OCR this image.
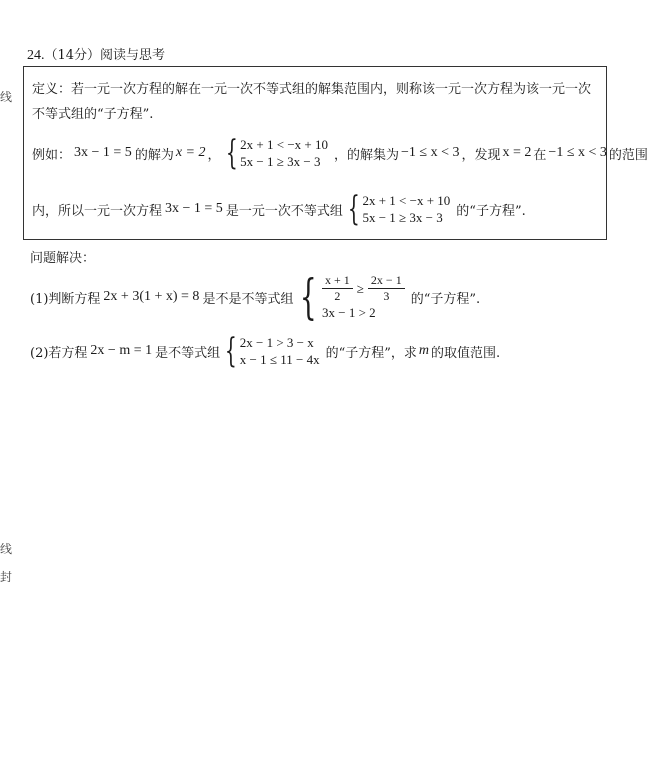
线
线
封
24.（14分）阅读与思考
定义：若一元一次方程的解在一元一次不等式组的解集范围内，则称该一元一次方程为该一元一次
不等式组的“子方程”.
例如： 3x − 1 = 5 的解为 x = 2 ， { 2x + 1 < −x + 10
5x − 1 ≥ 3x − 3	，的解集为 −1 ≤ x < 3 ，发现 x = 2 在 −1 ≤ x < 3 的范围
内，所以一元一次方程 3x − 1 = 5 是一元一次不等式组 { 2x + 1 < −x + 10
5x − 1 ≥ 3x − 3	的“子方程”.
问题解决：
(1)判断方程 2x + 3(1 + x) = 8 是不是不等式组 { $\frac{x + 1}{2} \ge \frac{2x - 1}{3}$
3x − 1 > 2
的“子方程”.
(2)若方程 2x − m = 1 是不等式组 { 2x − 1 > 3 − x
x − 1 ≤ 11 − 4x 的“子方程”，求 m 的取值范围.
